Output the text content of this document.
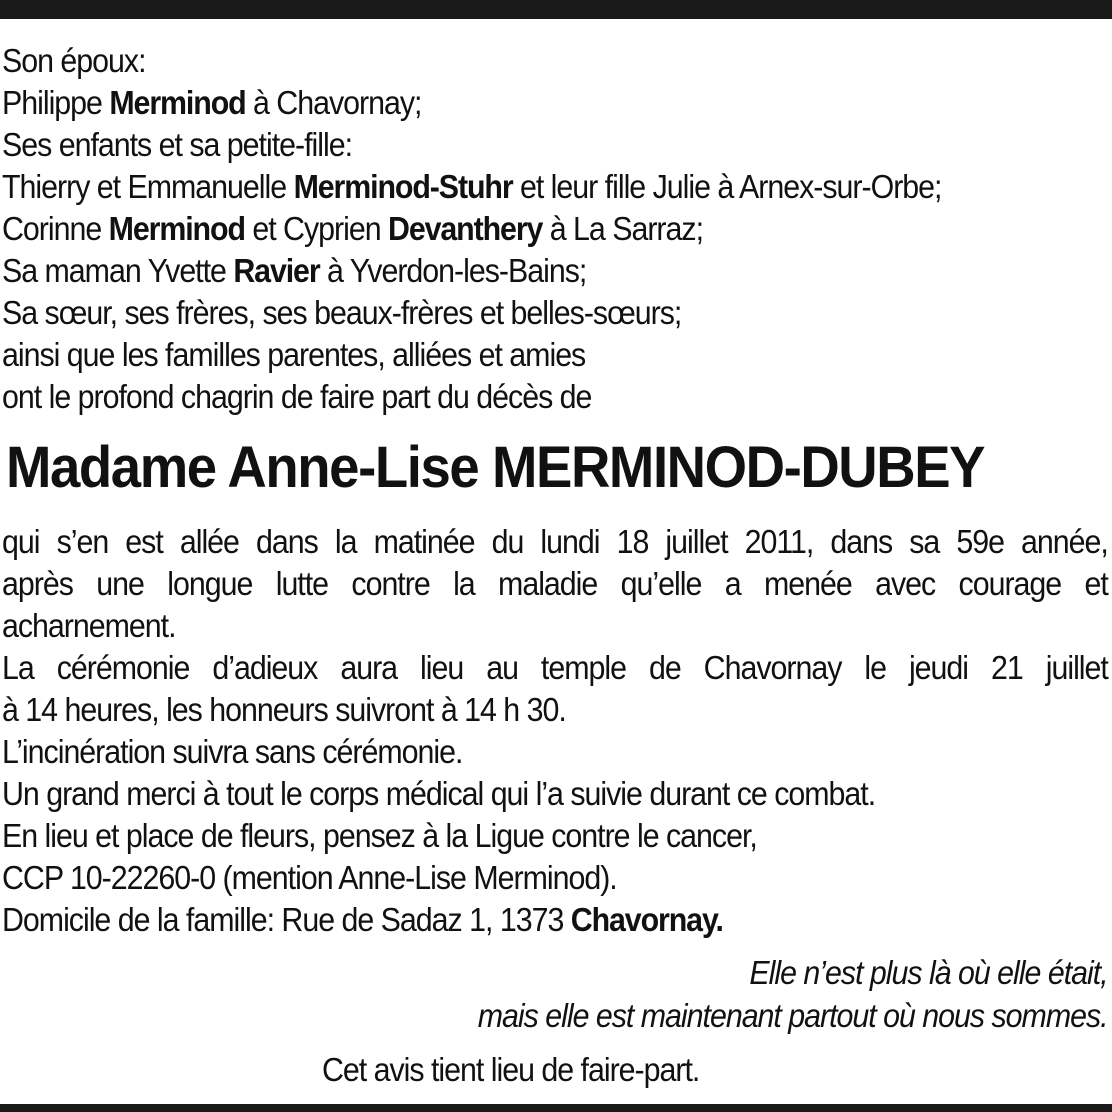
Son époux:
Philippe Merminod à Chavornay;
Ses enfants et sa petite-fille:
Thierry et Emmanuelle Merminod-Stuhr et leur fille Julie à Arnex-sur-Orbe;
Corinne Merminod et Cyprien Devanthery à La Sarraz;
Sa maman Yvette Ravier à Yverdon-les-Bains;
Sa sœur, ses frères, ses beaux-frères et belles-sœurs;
ainsi que les familles parentes, alliées et amies
ont le profond chagrin de faire part du décès de
Madame Anne-Lise MERMINOD-DUBEY
qui s’en est allée dans la matinée du lundi 18 juillet 2011, dans sa 59e année,
après une longue lutte contre la maladie qu’elle a menée avec courage et
acharnement.
La cérémonie d’adieux aura lieu au temple de Chavornay le jeudi 21 juillet
à 14 heures, les honneurs suivront à 14 h 30.
L’incinération suivra sans cérémonie.
Un grand merci à tout le corps médical qui l’a suivie durant ce combat.
En lieu et place de fleurs, pensez à la Ligue contre le cancer,
CCP 10-22260-0 (mention Anne-Lise Merminod).
Domicile de la famille: Rue de Sadaz 1, 1373 Chavornay.
Elle n’est plus là où elle était,
mais elle est maintenant partout où nous sommes.
Cet avis tient lieu de faire-part.
